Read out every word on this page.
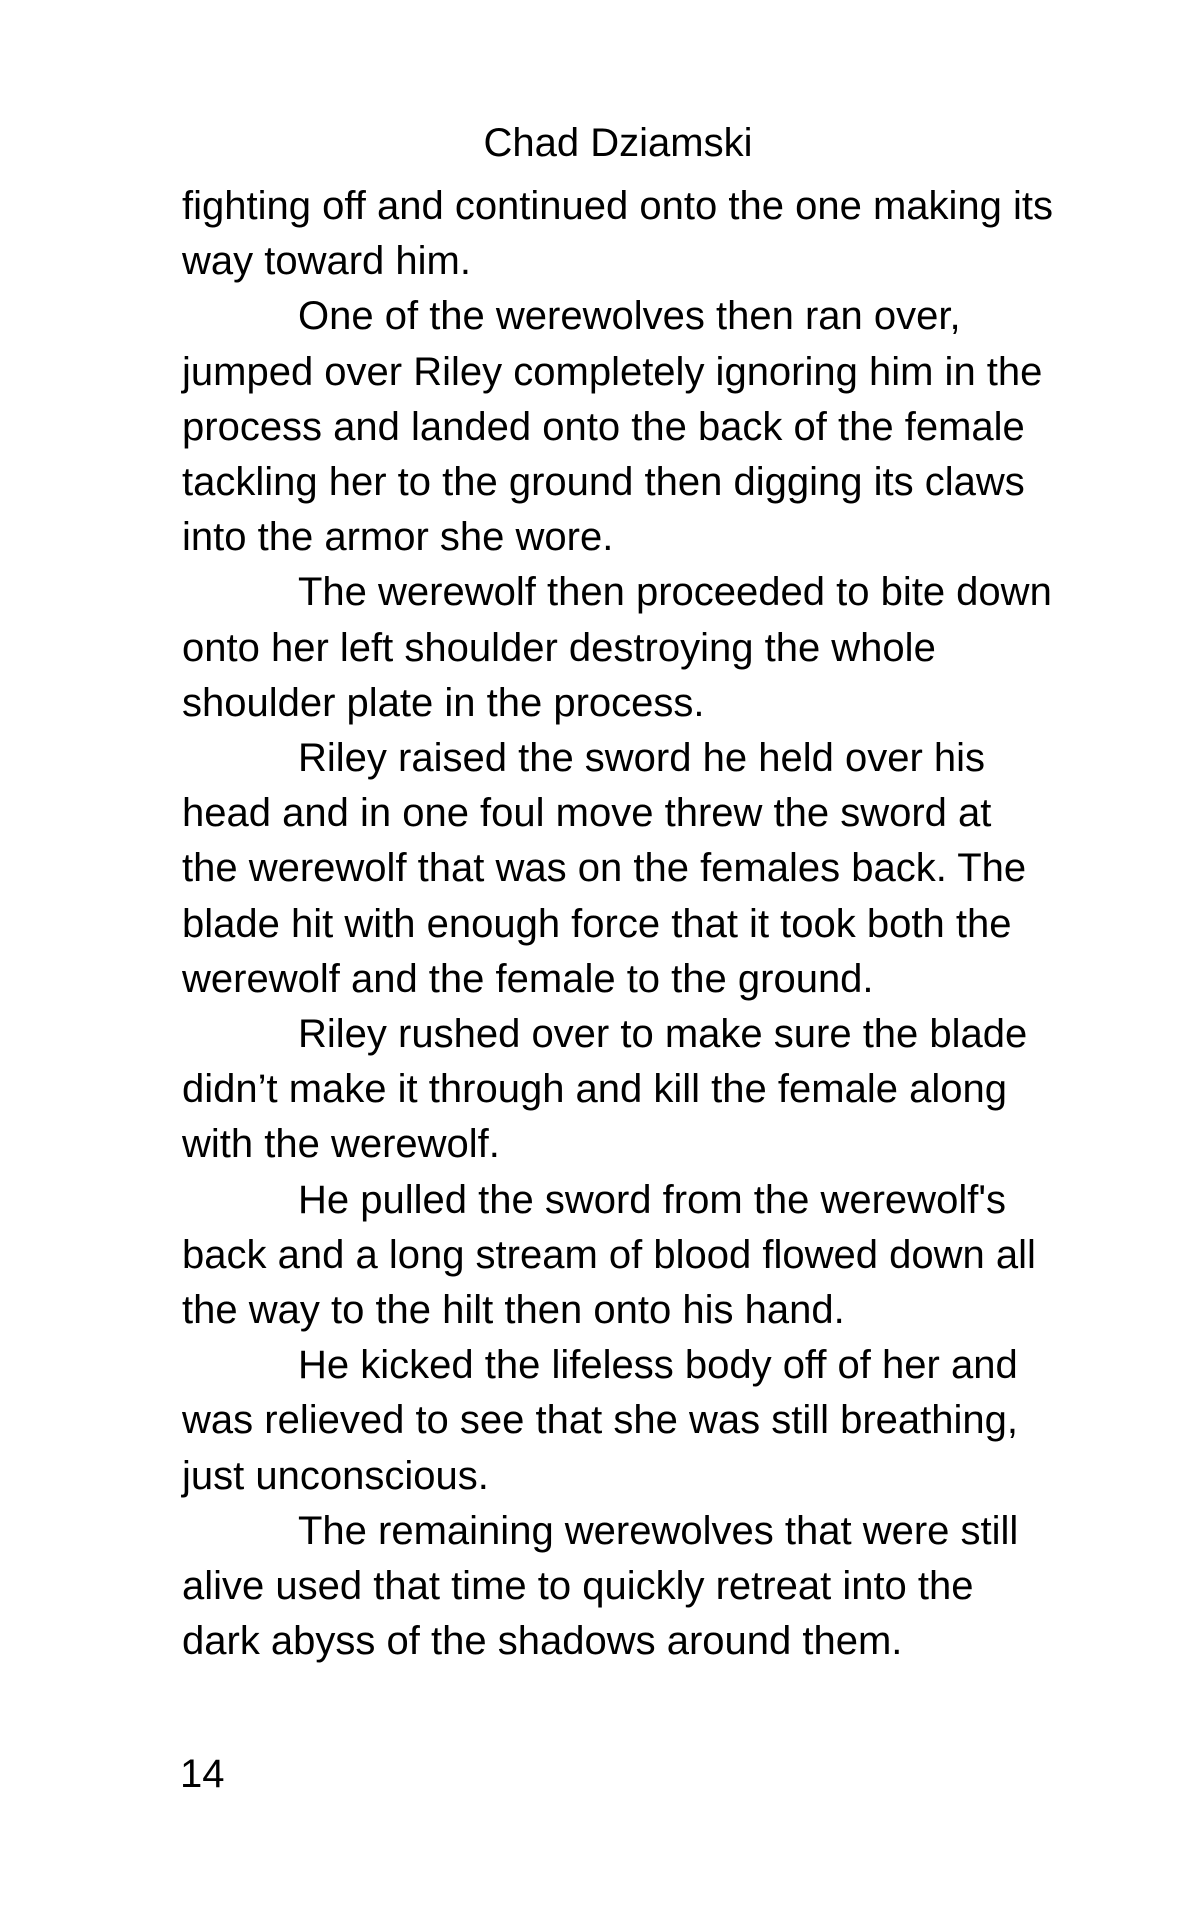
Chad Dziamski
fighting off and continued onto the one making its
way toward him.
One of the werewolves then ran over,
jumped over Riley completely ignoring him in the
process and landed onto the back of the female
tackling her to the ground then digging its claws
into the armor she wore.
The werewolf then proceeded to bite down
onto her left shoulder destroying the whole
shoulder plate in the process.
Riley raised the sword he held over his
head and in one foul move threw the sword at
the werewolf that was on the females back. The
blade hit with enough force that it took both the
werewolf and the female to the ground.
Riley rushed over to make sure the blade
didn’t make it through and kill the female along
with the werewolf.
He pulled the sword from the werewolf's
back and a long stream of blood flowed down all
the way to the hilt then onto his hand.
He kicked the lifeless body off of her and
was relieved to see that she was still breathing,
just unconscious.
The remaining werewolves that were still
alive used that time to quickly retreat into the
dark abyss of the shadows around them.
14
